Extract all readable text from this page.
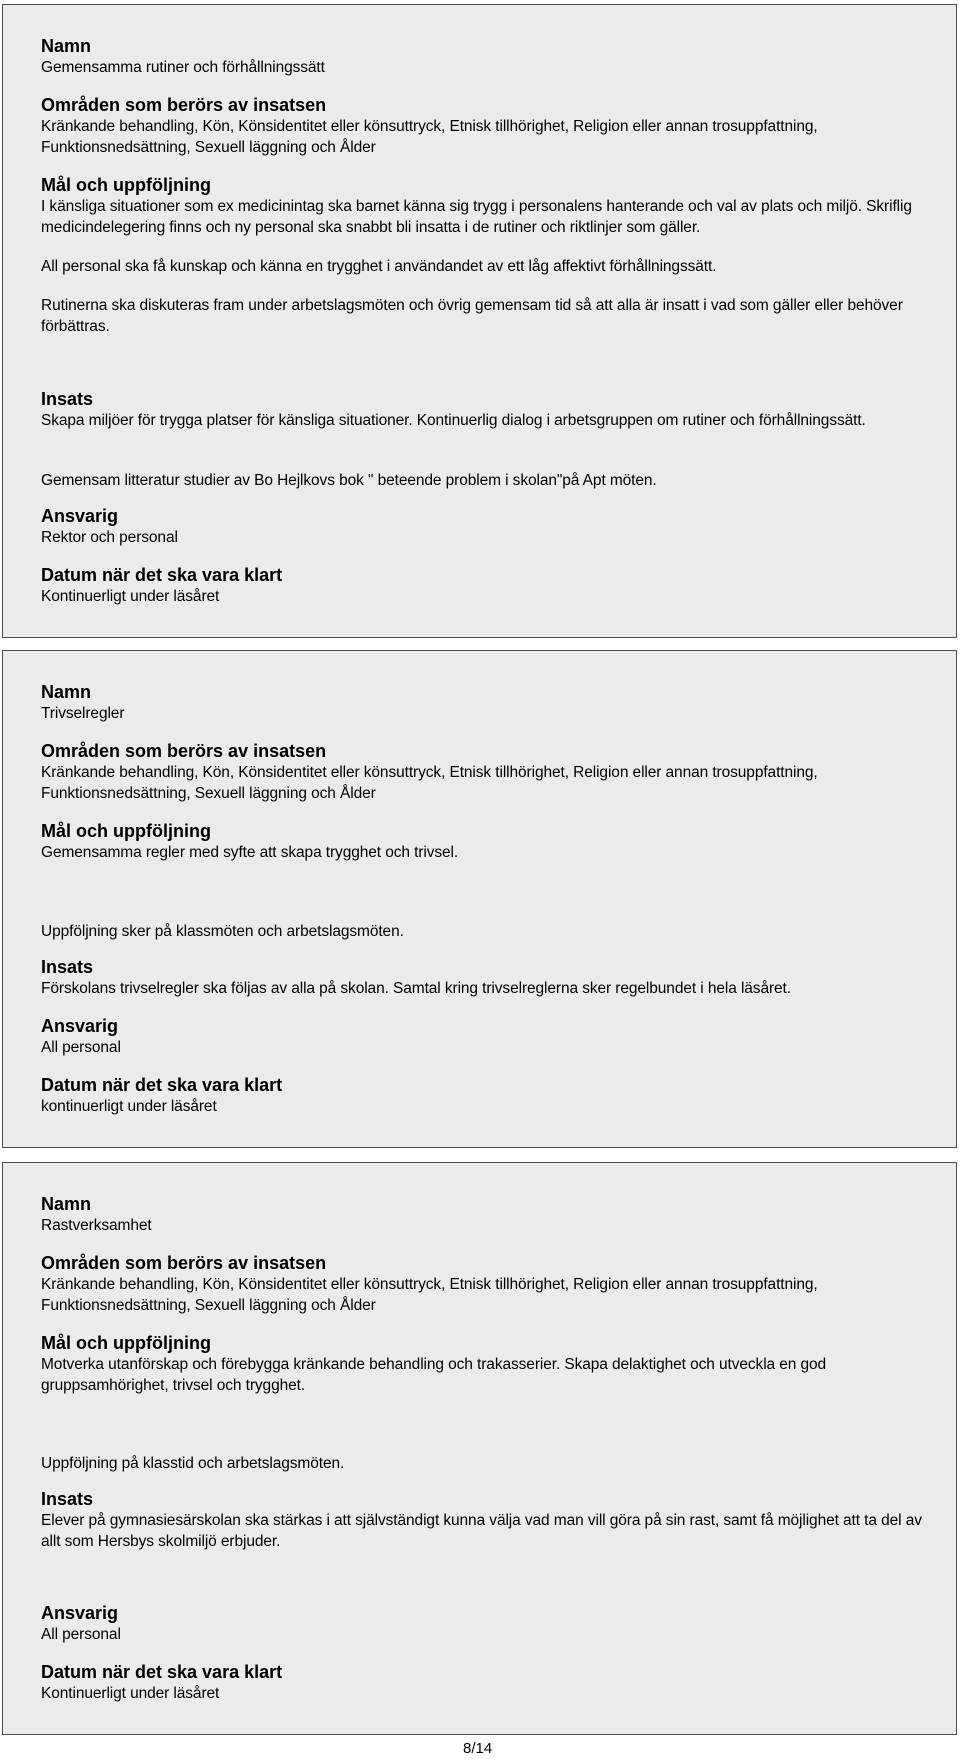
Namn
Gemensamma rutiner och förhållningssätt
Områden som berörs av insatsen
Kränkande behandling, Kön, Könsidentitet eller könsuttryck, Etnisk tillhörighet, Religion eller annan trosuppfattning, Funktionsnedsättning, Sexuell läggning och Ålder
Mål och uppföljning
I känsliga situationer som ex medicinintag ska barnet känna sig trygg i personalens hanterande och val av plats och miljö. Skriflig medicindelegering finns och ny personal ska snabbt bli insatta i de rutiner och riktlinjer som gäller.
All personal ska få kunskap och känna en trygghet i användandet av ett låg affektivt förhållningssätt.
Rutinerna ska diskuteras fram under arbetslagsmöten och övrig gemensam tid så att alla är insatt i vad som gäller eller behöver förbättras.
Insats
Skapa miljöer för trygga platser för känsliga situationer. Kontinuerlig dialog i arbetsgruppen om rutiner och förhållningssätt.
Gemensam litteratur studier av Bo Hejlkovs bok " beteende problem i skolan"på Apt möten.
Ansvarig
Rektor och personal
Datum när det ska vara klart
Kontinuerligt under läsåret
Namn
Trivselregler
Områden som berörs av insatsen
Kränkande behandling, Kön, Könsidentitet eller könsuttryck, Etnisk tillhörighet, Religion eller annan trosuppfattning, Funktionsnedsättning, Sexuell läggning och Ålder
Mål och uppföljning
Gemensamma regler med syfte att skapa trygghet och trivsel.
Uppföljning sker på klassmöten och arbetslagsmöten.
Insats
Förskolans trivselregler ska följas av alla på skolan. Samtal kring trivselreglerna sker regelbundet i hela läsåret.
Ansvarig
All personal
Datum när det ska vara klart
kontinuerligt under läsåret
Namn
Rastverksamhet
Områden som berörs av insatsen
Kränkande behandling, Kön, Könsidentitet eller könsuttryck, Etnisk tillhörighet, Religion eller annan trosuppfattning, Funktionsnedsättning, Sexuell läggning och Ålder
Mål och uppföljning
Motverka utanförskap och förebygga kränkande behandling och trakasserier. Skapa delaktighet och utveckla en god gruppsamhörighet, trivsel och trygghet.
Uppföljning på klasstid och arbetslagsmöten.
Insats
Elever på gymnasiesärskolan ska stärkas i att självständigt kunna välja vad man vill göra på sin rast, samt få möjlighet att ta del av allt som Hersbys skolmiljö erbjuder.
Ansvarig
All personal
Datum när det ska vara klart
Kontinuerligt under läsåret
8/14
